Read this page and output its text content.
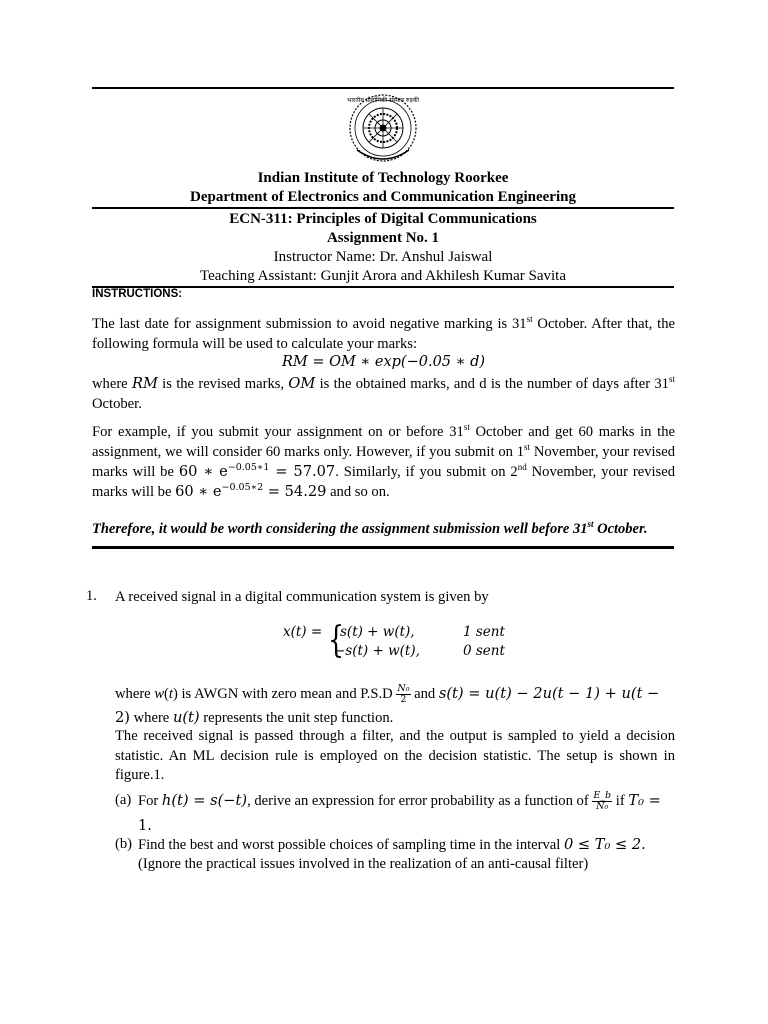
भारतीय प्रौद्योगिकी संस्थान रुड़की
Indian Institute of Technology Roorkee
Department of Electronics and Communication Engineering
ECN-311: Principles of Digital Communications
Assignment No. 1
Instructor Name: Dr. Anshul Jaiswal
Teaching Assistant: Gunjit Arora and Akhilesh Kumar Savita
INSTRUCTIONS:
The last date for assignment submission to avoid negative marking is 31st October. After that, the following formula will be used to calculate your marks:
RM = OM ∗ exp(−0.05 ∗ d)
where RM is the revised marks, OM is the obtained marks, and d is the number of days after 31st October.
For example, if you submit your assignment on or before 31st October and get 60 marks in the assignment, we will consider 60 marks only. However, if you submit on 1st November, your revised marks will be 60 ∗ $e^{-0.05∗1} = 57.07$. Similarly, if you submit on 2nd November, your revised marks will be 60 ∗ $e^{-0.05∗2} = 54.29$ and so on.
Therefore, it would be worth considering the assignment submission well before 31st October.
1. A received signal in a digital communication system is given by
x(t) = {
s(t) + w(t),	1 sent
−s(t) + w(t),	0 sent
where w(t) is AWGN with zero mean and $P.S.D \frac{\text{N₀}}{2}$ and s(t) = u(t) − 2u(t − 1) + u(t −
2) where u(t) represents the unit step function.
The received signal is passed through a filter, and the output is sampled to yield a decision statistic. An ML decision rule is employed on the decision statistic. The setup is shown in figure.1.
(a) For h(t) = s(−t), derive an expression for error probability as a function of $\frac{E\_b}{\text{N₀}}$ if T₀ =
1.
(b) Find the best and worst possible choices of sampling time in the interval 0 ≤ T₀ ≤ 2.
(Ignore the practical issues involved in the realization of an anti-causal filter)
